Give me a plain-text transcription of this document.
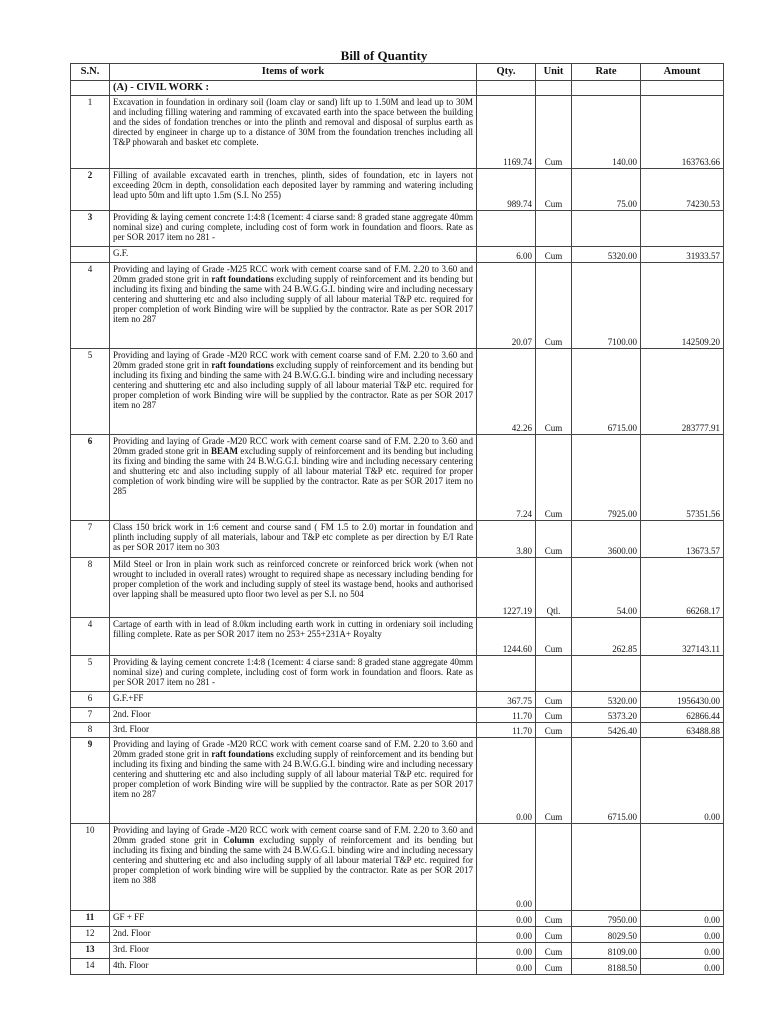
Bill of Quantity
S.N.	Items of work	Qty.	Unit	Rate	Amount
	(A) - CIVIL WORK :				
1	Excavation in foundation in ordinary soil (loam clay or sand) lift up to 1.50M and lead up to 30M and including filling watering and ramming of excavated earth into the space between the building and the sides of fondation trenches or into the plinth and removal and disposal of surplus earth as directed by engineer in charge up to a distance of 30M from the foundation trenches including all T&P phowarah and basket etc complete.	1169.74	Cum	140.00	163763.66
2	Filling of available excavated earth in trenches, plinth, sides of foundation, etc in layers not exceeding 20cm in depth, consolidation each deposited layer by ramming and watering including lead upto 50m and lift upto 1.5m (S.I. No 255)	989.74	Cum	75.00	74230.53
3	Providing & laying cement concrete 1:4:8 (1cement: 4 ciarse sand: 8 graded stane aggregate 40mm nominal size) and curing complete, including cost of form work in foundation and floors. Rate as per SOR 2017 item no 281 -				
	G.F.	6.00	Cum	5320.00	31933.57
4	Providing and laying of Grade -M25 RCC work with cement coarse sand of F.M. 2.20 to 3.60 and 20mm graded stone grit in raft foundations excluding supply of reinforcement and its bending but including its fixing and binding the same with 24 B.W.G.G.I. binding wire and including necessary centering and shuttering etc and also including supply of all labour material T&P etc. required for proper completion of work Binding wire will be supplied by the contractor. Rate as per SOR 2017 item no 287	20.07	Cum	7100.00	142509.20
5	Providing and laying of Grade -M20 RCC work with cement coarse sand of F.M. 2.20 to 3.60 and 20mm graded stone grit in raft foundations excluding supply of reinforcement and its bending but including its fixing and binding the same with 24 B.W.G.G.I. binding wire and including necessary centering and shuttering etc and also including supply of all labour material T&P etc. required for proper completion of work Binding wire will be supplied by the contractor. Rate as per SOR 2017 item no 287	42.26	Cum	6715.00	283777.91
6	Providing and laying of Grade -M20 RCC work with cement coarse sand of F.M. 2.20 to 3.60 and 20mm graded stone grit in BEAM excluding supply of reinforcement and its bending but including its fixing and binding the same with 24 B.W.G.G.I. binding wire and including necessary centering and shuttering etc and also including supply of all labour material T&P etc. required for proper completion of work binding wire will be supplied by the contractor. Rate as per SOR 2017 item no 285	7.24	Cum	7925.00	57351.56
7	Class 150 brick work in 1:6 cement and course sand ( FM 1.5 to 2.0) mortar in foundation and plinth including supply of all materials, labour and T&P etc complete as per direction by E/I Rate as per SOR 2017 item no 303	3.80	Cum	3600.00	13673.57
8	Mild Steel or Iron in plain work such as reinforced concrete or reinforced brick work (when not wrought to included in overall rates) wrought to required shape as necessary including bending for proper completion of the work and including supply of steel its wastage bend, hooks and authorised over lapping shall be measured upto floor two level as per S.I. no 504	1227.19	Qtl.	54.00	66268.17
4	Cartage of earth with in lead of 8.0km including earth work in cutting in ordeniary soil including filling complete. Rate as per SOR 2017 item no 253+ 255+231A+ Royalty	1244.60	Cum	262.85	327143.11
5	Providing & laying cement concrete 1:4:8 (1cement: 4 ciarse sand: 8 graded stane aggregate 40mm nominal size) and curing complete, including cost of form work in foundation and floors. Rate as per SOR 2017 item no 281 -				
6	G.F.+FF	367.75	Cum	5320.00	1956430.00
7	2nd. Floor	11.70	Cum	5373.20	62866.44
8	3rd. Floor	11.70	Cum	5426.40	63488.88
9	Providing and laying of Grade -M20 RCC work with cement coarse sand of F.M. 2.20 to 3.60 and 20mm graded stone grit in raft foundations excluding supply of reinforcement and its bending but including its fixing and binding the same with 24 B.W.G.G.I. binding wire and including necessary centering and shuttering etc and also including supply of all labour material T&P etc. required for proper completion of work Binding wire will be supplied by the contractor. Rate as per SOR 2017 item no 287	0.00	Cum	6715.00	0.00
10	Providing and laying of Grade -M20 RCC work with cement coarse sand of F.M. 2.20 to 3.60 and 20mm graded stone grit in Column excluding supply of reinforcement and its bending but including its fixing and binding the same with 24 B.W.G.G.I. binding wire and including necessary centering and shuttering etc and also including supply of all labour material T&P etc. required for proper completion of work binding wire will be supplied by the contractor. Rate as per SOR 2017 item no 388	0.00			
11	GF + FF	0.00	Cum	7950.00	0.00
12	2nd. Floor	0.00	Cum	8029.50	0.00
13	3rd. Floor	0.00	Cum	8109.00	0.00
14	4th. Floor	0.00	Cum	8188.50	0.00
